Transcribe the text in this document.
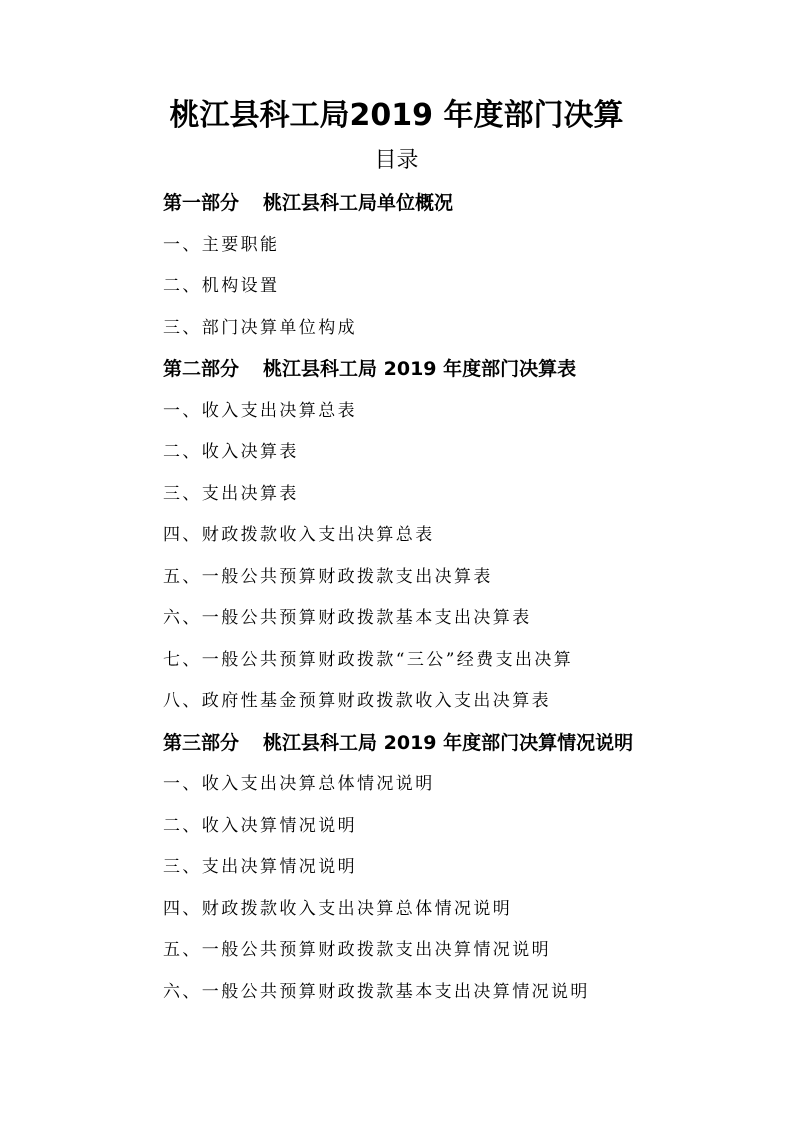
桃江县科工局2019 年度部门决算
目录
第一部分 桃江县科工局单位概况
一、主要职能
二、机构设置
三、部门决算单位构成
第二部分 桃江县科工局 2019 年度部门决算表
一、收入支出决算总表
二、收入决算表
三、支出决算表
四、财政拨款收入支出决算总表
五、一般公共预算财政拨款支出决算表
六、一般公共预算财政拨款基本支出决算表
七、一般公共预算财政拨款“三公”经费支出决算
八、政府性基金预算财政拨款收入支出决算表
第三部分 桃江县科工局 2019 年度部门决算情况说明
一、收入支出决算总体情况说明
二、收入决算情况说明
三、支出决算情况说明
四、财政拨款收入支出决算总体情况说明
五、一般公共预算财政拨款支出决算情况说明
六、一般公共预算财政拨款基本支出决算情况说明
